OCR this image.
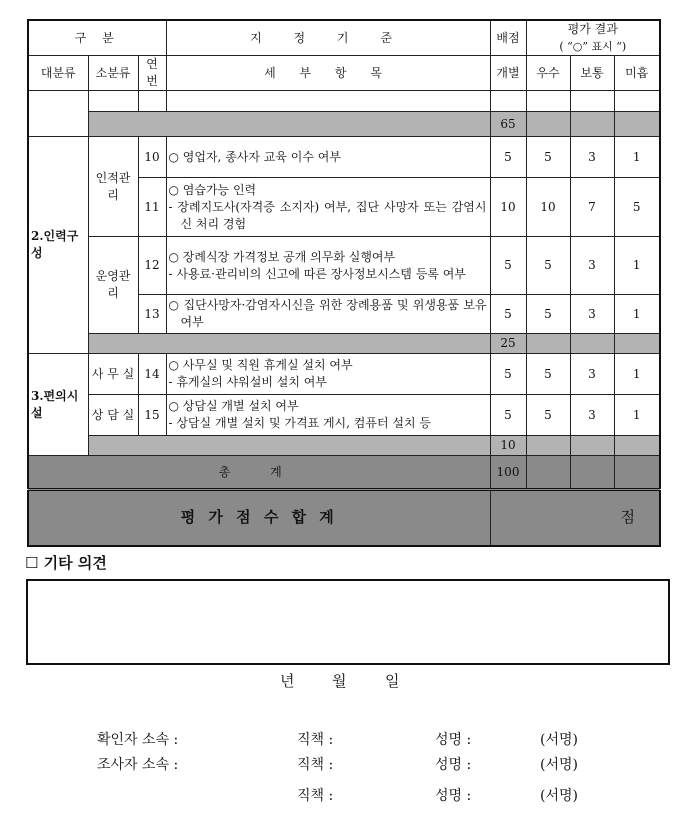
구 분			지 정 기 준	배점	평가 결과
( “○” 표시 “)		

대분류	소분류	연번	세 부 항 목	개별	우수	보통	미흡

				65			
2.인력구성	인적관리	10	○ 영업자, 종사자 교육 이수 여부	5	5	3	1
		11	○ 염습가능 인력
- 장례지도사(자격증 소지자) 여부, 집단 사망자 또는 감염시신 처리 경험	10	10	7	5
	운영관리	12	○ 장례식장 가격정보 공개 의무화 실행여부
- 사용료·관리비의 신고에 따른 장사정보시스템 등록 여부	5	5	3	1
		13	○ 집단사망자·감염자시신을 위한 장례용품 및 위생용품 보유 여부	5	5	3	1
				25			
3.편의시설	사 무 실	14	○ 사무실 및 직원 휴게실 설치 여부
- 휴게실의 샤워설비 설치 여부	5	5	3	1
	상 담 실	15	○ 상담실 개별 설치 여부
- 상담실 개별 설치 및 가격표 게시, 컴퓨터 설치 등	5	5	3	1
				10			
총 계				100			
평 가 점 수 합 계				점			
☐ 기타 의견
년	월	일
확인자 소속 :	직책 :	성명 :	(서명)
조사자 소속 :	직책 :	성명 :	(서명)
직책 :	성명 :	(서명)
